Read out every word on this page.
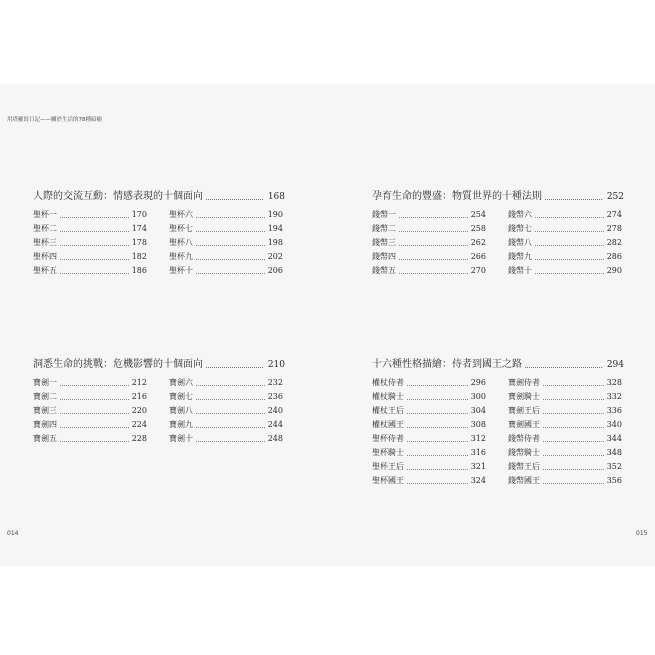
用塔羅寫日記——關於生活的78種暗喻
人際的交流互動：情感表現的十個面向	168
聖杯一	170
聖杯二	174
聖杯三	178
聖杯四	182
聖杯五	186
聖杯六	190
聖杯七	194
聖杯八	198
聖杯九	202
聖杯十	206
孕育生命的豐盛：物質世界的十種法則	252
錢幣一	254
錢幣二	258
錢幣三	262
錢幣四	266
錢幣五	270
錢幣六	274
錢幣七	278
錢幣八	282
錢幣九	286
錢幣十	290
洞悉生命的挑戰：危機影響的十個面向	210
寶劍一	212
寶劍二	216
寶劍三	220
寶劍四	224
寶劍五	228
寶劍六	232
寶劍七	236
寶劍八	240
寶劍九	244
寶劍十	248
十六種性格描繪：侍者到國王之路	294
權杖侍者	296
權杖騎士	300
權杖王后	304
權杖國王	308
聖杯侍者	312
聖杯騎士	316
聖杯王后	321
聖杯國王	324
寶劍侍者	328
寶劍騎士	332
寶劍王后	336
寶劍國王	340
錢幣侍者	344
錢幣騎士	348
錢幣王后	352
錢幣國王	356
014	015
